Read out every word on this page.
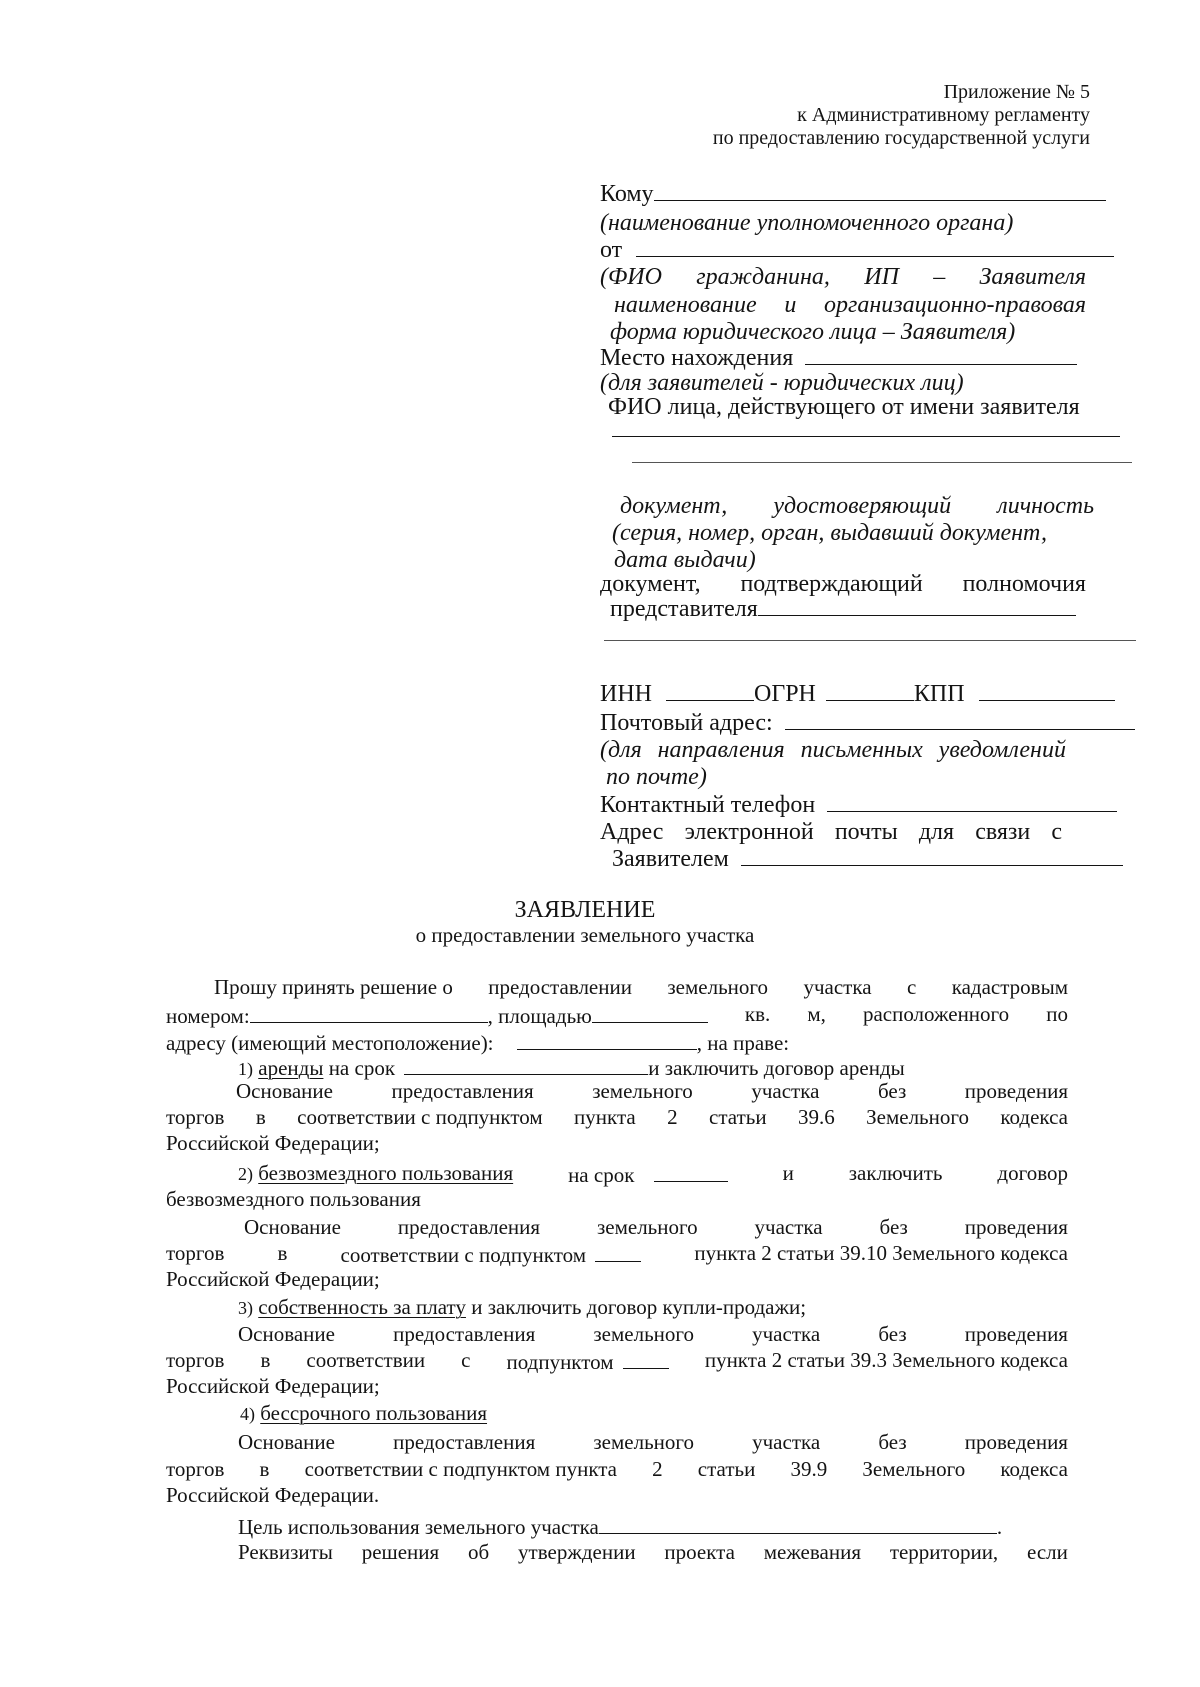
Приложение № 5
к Административному регламенту
по предоставлению государственной услуги
Кому
(наименование уполномоченного органа)
от
(ФИО гражданина, ИП – Заявителя
наименование и организационно-правовая
форма юридического лица – Заявителя)
Место нахождения
(для заявителей - юридических лиц)
ФИО лица, действующего от имени заявителя
документ, удостоверяющий личность
(серия, номер, орган, выдавший документ,
дата выдачи)
документ, подтверждающий полномочия
представителя
ИНН	ОГРН	КПП
Почтовый адрес:
(для направления письменных уведомлений
по почте)
Контактный телефон
Адрес электронной почты для связи с
Заявителем
ЗАЯВЛЕНИЕ
о предоставлении земельного участка
Прошу принять решение о предоставлении земельного участка с кадастровым
номером:	, площадью	кв. м, расположенного по
адресу (имеющий местоположение):	, на праве:
1) аренды на срок	и заключить договор аренды
Основание	предоставления	земельного	участка	без	проведения
торгов в соответствии с подпунктом пункта 2 статьи 39.6 Земельного кодекса
Российской Федерации;
2) безвозмездного пользования	на срок	и	заключить	договор
безвозмездного пользования
Основание	предоставления	земельного	участка	без	проведения
торгов	в	соответствии с подпунктом	пункта 2 статьи 39.10 Земельного кодекса
Российской Федерации;
3) собственность за плату и заключить договор купли-продажи;
Основание	предоставления	земельного	участка	без	проведения
торгов в соответствии с подпунктом	пункта 2 статьи 39.3 Земельного кодекса
Российской Федерации;
4) бессрочного пользования
Основание	предоставления	земельного	участка	без	проведения
торгов в соответствии с подпунктом пункта 2 статьи 39.9 Земельного кодекса
Российской Федерации.
Цель использования земельного участка	.
Реквизиты решения об утверждении проекта межевания территории, если
